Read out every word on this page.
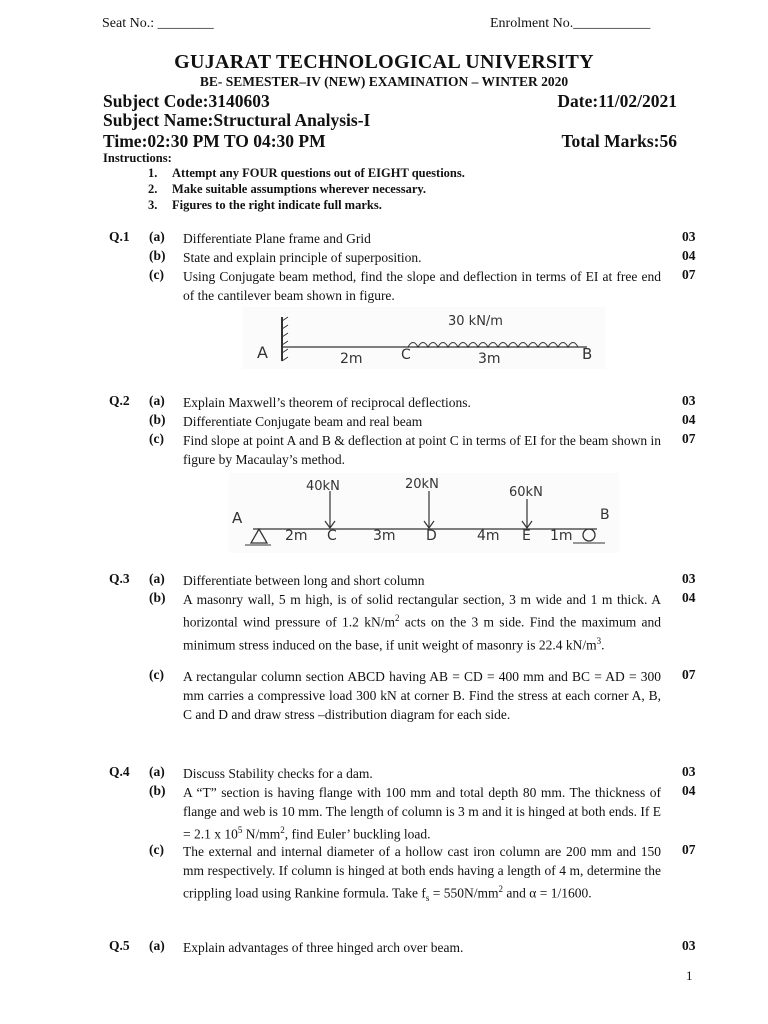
Seat No.: ________	Enrolment No.___________
GUJARAT TECHNOLOGICAL UNIVERSITY
BE- SEMESTER–IV (NEW) EXAMINATION – WINTER 2020
Subject Code:3140603	Date:11/02/2021
Subject Name:Structural Analysis-I
Time:02:30 PM TO 04:30 PM	Total Marks:56
Instructions:
1. Attempt any FOUR questions out of EIGHT questions.
2. Make suitable assumptions wherever necessary.
3. Figures to the right indicate full marks.
Q.1 (a) Differentiate Plane frame and Grid	03
(b) State and explain principle of superposition.	04
(c) Using Conjugate beam method, find the slope and deflection in terms of EI at free end of the cantilever beam shown in figure.
07
A	2m	C	3m	B
30 kN/m
Q.2 (a) Explain Maxwell’s theorem of reciprocal deflections.	03
(b) Differentiate Conjugate beam and real beam	04
(c) Find slope at point A and B & deflection at point C in terms of EI for the beam shown in figure by Macaulay’s method.
07
40kN	20kN
60kN
A
2m C	3m D	4m E 1m
B
Q.3 (a) Differentiate between long and short column	03
(b) A masonry wall, 5 m high, is of solid rectangular section, 3 m wide and 1 m thick. A horizontal wind pressure of 1.2 $kN/m^2$ acts on the 3 m side. Find the maximum and minimum stress induced on the base, if unit weight of masonry is 22.4 $kN/m^3$.
04
(c) A rectangular column section ABCD having AB = CD = 400 mm and BC = AD = 300 mm carries a compressive load 300 kN at corner B. Find the stress at each corner A, B, C and D and draw stress –distribution diagram for each side.
07
Q.4 (a) Discuss Stability checks for a dam.	03
(b) A “T” section is having flange with 100 mm and total depth 80 mm. The thickness of flange and web is 10 mm. The length of column is 3 m and it is hinged at both ends. If E = 2.1 x $10^5$ $N/mm^2$, find Euler’ buckling load.
04
(c) The external and internal diameter of a hollow cast iron column are 200 mm and 150 mm respectively. If column is hinged at both ends having a length of 4 m, determine the crippling load using Rankine formula. Take $f_s = 550N/mm^2$ and α = 1/1600.
07
Q.5 (a) Explain advantages of three hinged arch over beam.	03
1
